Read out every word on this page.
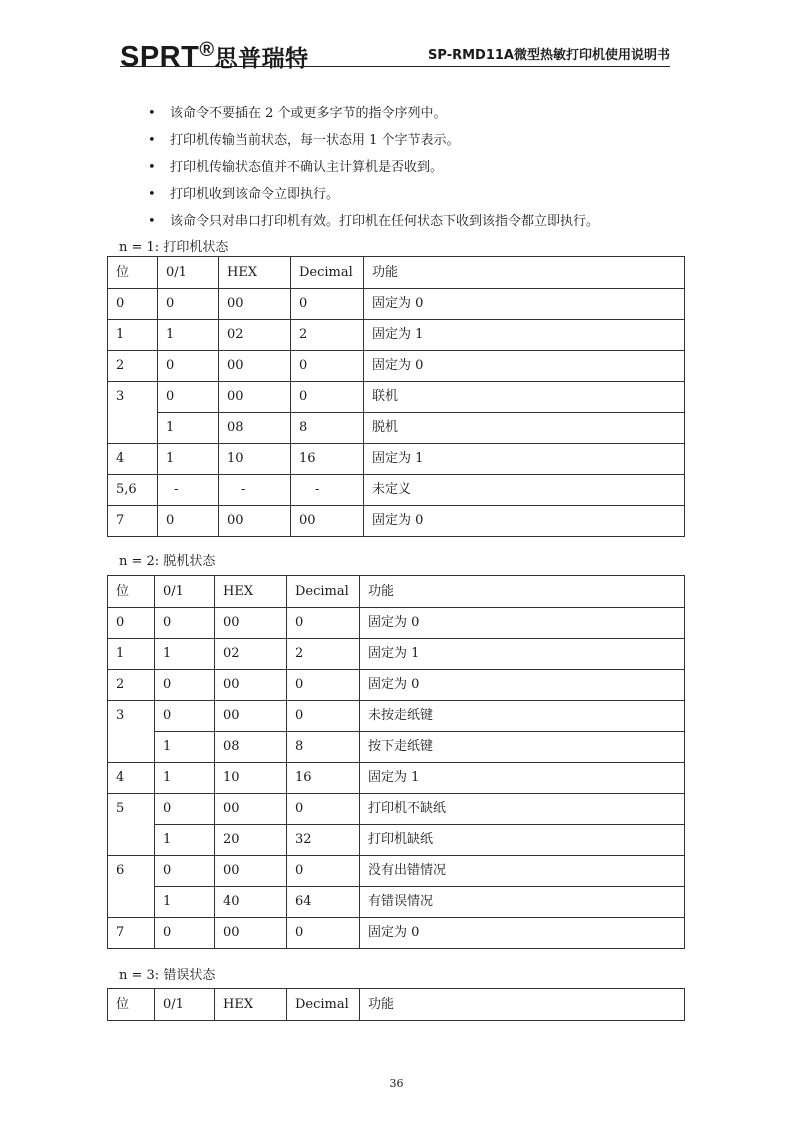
SPRT®思普瑞特	SP-RMD11A微型热敏打印机使用说明书
• 该命令不要插在 2 个或更多字节的指令序列中。
• 打印机传输当前状态，每一状态用 1 个字节表示。
• 打印机传输状态值并不确认主计算机是否收到。
• 打印机收到该命令立即执行。
• 该命令只对串口打印机有效。打印机在任何状态下收到该指令都立即执行。
n = 1: 打印机状态
位	0/1	HEX	Decimal	功能
0	0	00	0	固定为 0
1	1	02	2	固定为 1
2	0	00	0	固定为 0
3	0	00	0	联机
	1	08	8	脱机
4	1	10	16	固定为 1
5,6	-	-	-	未定义
7	0	00	00	固定为 0
n = 2: 脱机状态
位	0/1	HEX	Decimal	功能
0	0	00	0	固定为 0
1	1	02	2	固定为 1
2	0	00	0	固定为 0
3	0	00	0	未按走纸键
	1	08	8	按下走纸键
4	1	10	16	固定为 1
5	0	00	0	打印机不缺纸
	1	20	32	打印机缺纸
6	0	00	0	没有出错情况
	1	40	64	有错误情况
7	0	00	0	固定为 0
n = 3: 错误状态
位	0/1	HEX	Decimal	功能
36
